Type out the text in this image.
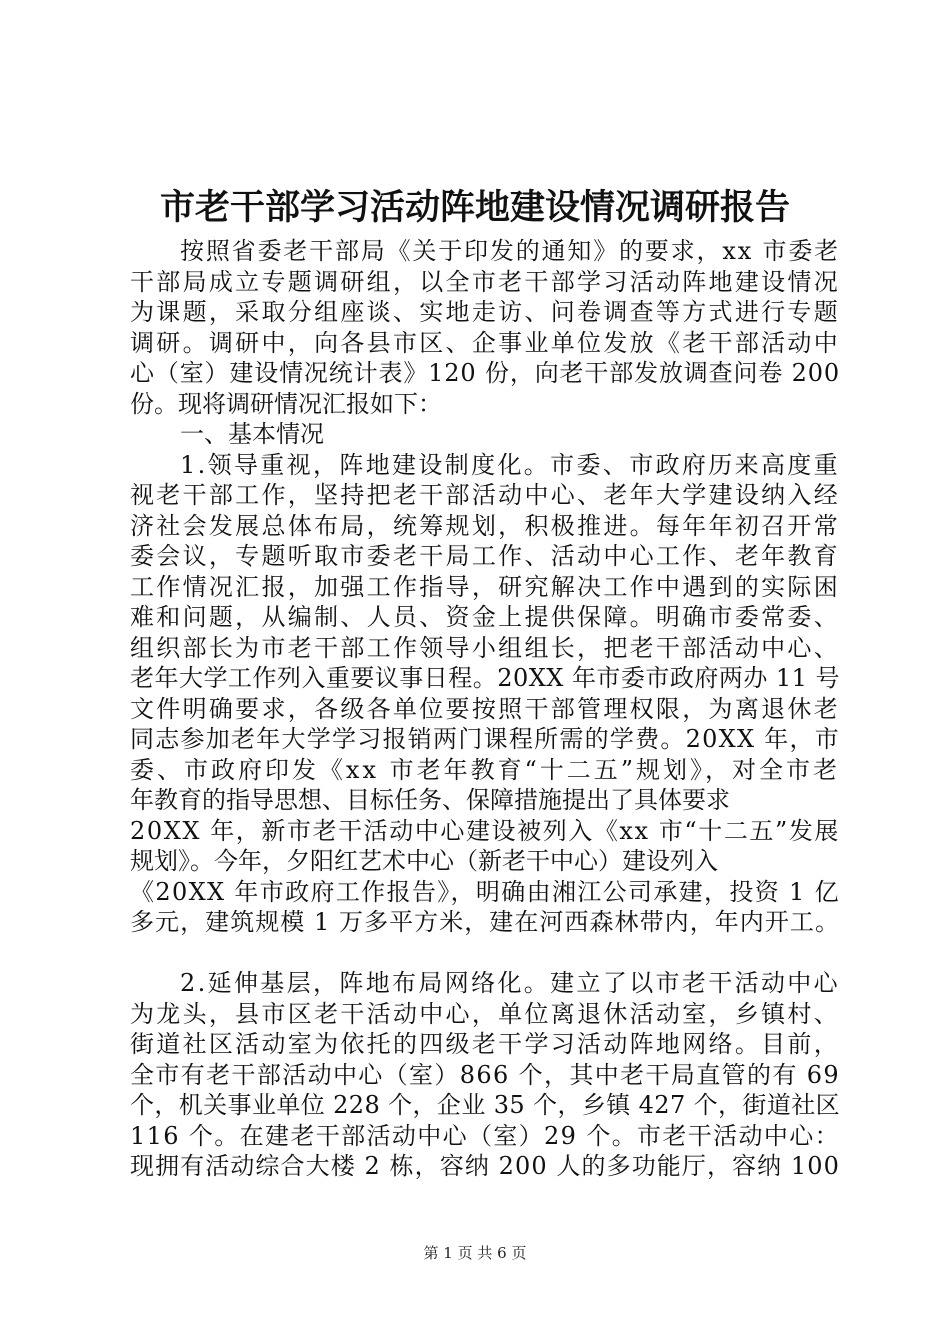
市老干部学习活动阵地建设情况调研报告
按照省委老干部局《关于印发的通知》的要求，xx 市委老
干部局成立专题调研组，以全市老干部学习活动阵地建设情况
为课题，采取分组座谈、实地走访、问卷调查等方式进行专题
调研。调研中，向各县市区、企事业单位发放《老干部活动中
心（室）建设情况统计表》120 份，向老干部发放调查问卷 200
份。现将调研情况汇报如下：
一、基本情况
1.领导重视，阵地建设制度化。市委、市政府历来高度重
视老干部工作，坚持把老干部活动中心、老年大学建设纳入经
济社会发展总体布局，统筹规划，积极推进。每年年初召开常
委会议，专题听取市委老干局工作、活动中心工作、老年教育
工作情况汇报，加强工作指导，研究解决工作中遇到的实际困
难和问题，从编制、人员、资金上提供保障。明确市委常委、
组织部长为市老干部工作领导小组组长，把老干部活动中心、
老年大学工作列入重要议事日程。20XX 年市委市政府两办 11 号
文件明确要求，各级各单位要按照干部管理权限，为离退休老
同志参加老年大学学习报销两门课程所需的学费。20XX 年，市
委、市政府印发《xx 市老年教育“十二五”规划》，对全市老
年教育的指导思想、目标任务、保障措施提出了具体要求
20XX 年，新市老干活动中心建设被列入《xx 市“十二五”发展
规划》。今年，夕阳红艺术中心（新老干中心）建设列入
《20XX 年市政府工作报告》，明确由湘江公司承建，投资 1 亿
多元，建筑规模 1 万多平方米，建在河西森林带内，年内开工。
2.延伸基层，阵地布局网络化。建立了以市老干活动中心
为龙头，县市区老干活动中心，单位离退休活动室，乡镇村、
街道社区活动室为依托的四级老干学习活动阵地网络。目前，
全市有老干部活动中心（室）866 个，其中老干局直管的有 69
个，机关事业单位 228 个，企业 35 个，乡镇 427 个，街道社区
116 个。在建老干部活动中心（室）29 个。市老干活动中心：
现拥有活动综合大楼 2 栋，容纳 200 人的多功能厅，容纳 100
第 1 页 共 6 页
